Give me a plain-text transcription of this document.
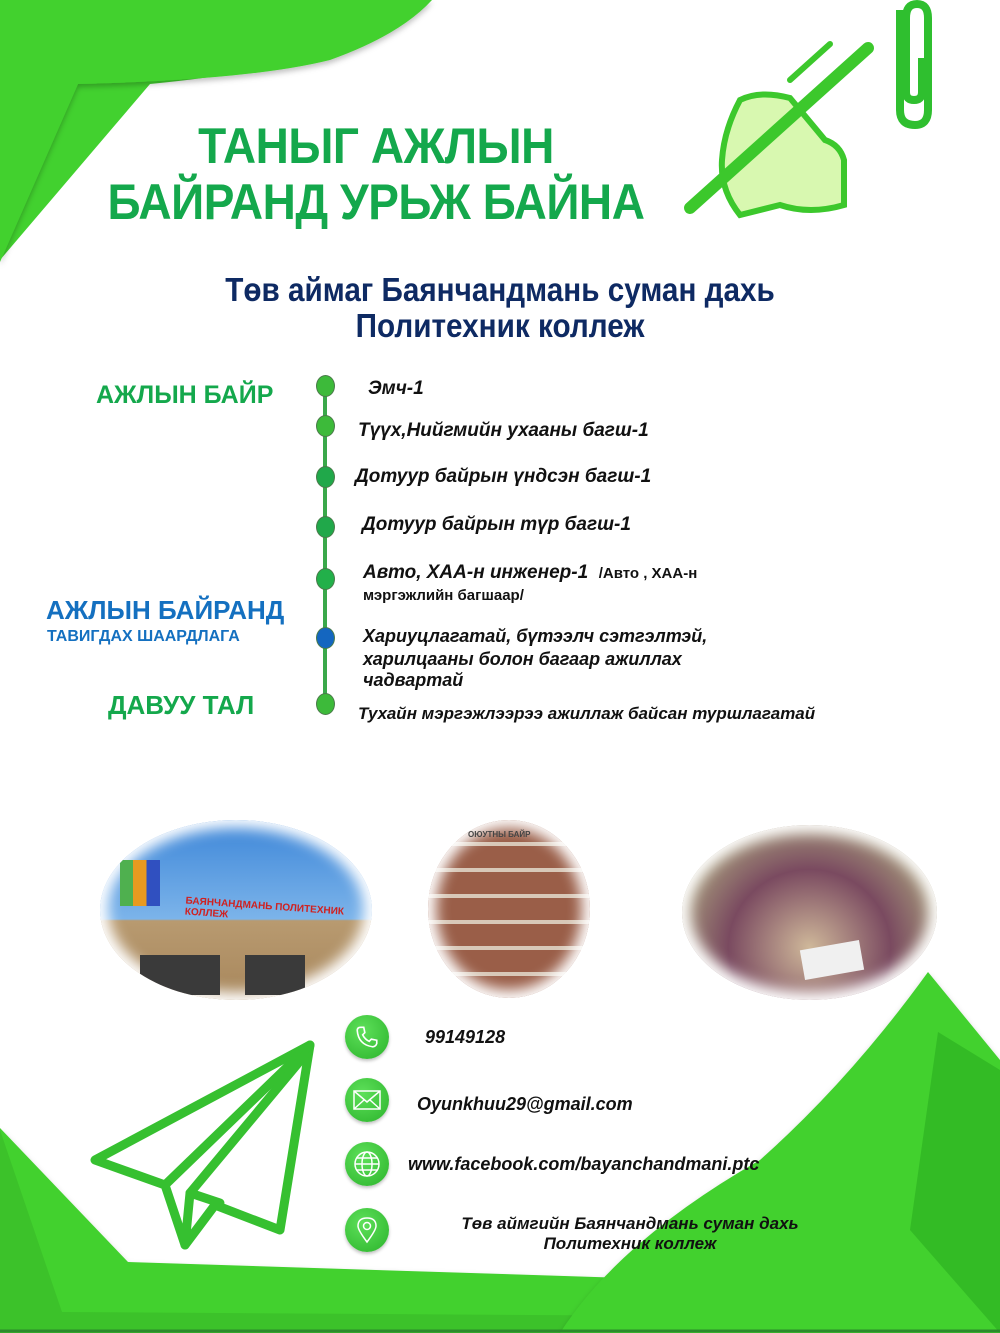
ТАНЫГ АЖЛЫН
БАЙРАНД УРЬЖ БАЙНА
Төв аймаг Баянчандмань суман дахь
Политехник коллеж
АЖЛЫН БАЙР
АЖЛЫН БАЙРАНД
ТАВИГДАХ ШААРДЛАГА
ДАВУУ ТАЛ
Эмч-1
Түүх,Нийгмийн ухааны багш-1
Дотуур байрын үндсэн багш-1
Дотуур байрын түр багш-1
Авто, ХАА-н инженер-1 /Авто , ХАА-н
мэргэжлийн багшаар/
Хариуцлагатай, бүтээлч сэтгэлтэй,
харилцааны болон багаар ажиллах
чадвартай
Тухайн мэргэжлээрээ ажиллаж байсан туршлагатай
БАЯНЧАНДМАНЬ ПОЛИТЕХНИК КОЛЛЕЖ
ОЮУТНЫ БАЙР
99149128
Oyunkhuu29@gmail.com
www.facebook.com/bayanchandmani.ptc
Төв аймгийн Баянчандмань суман дахь
Политехник коллеж
